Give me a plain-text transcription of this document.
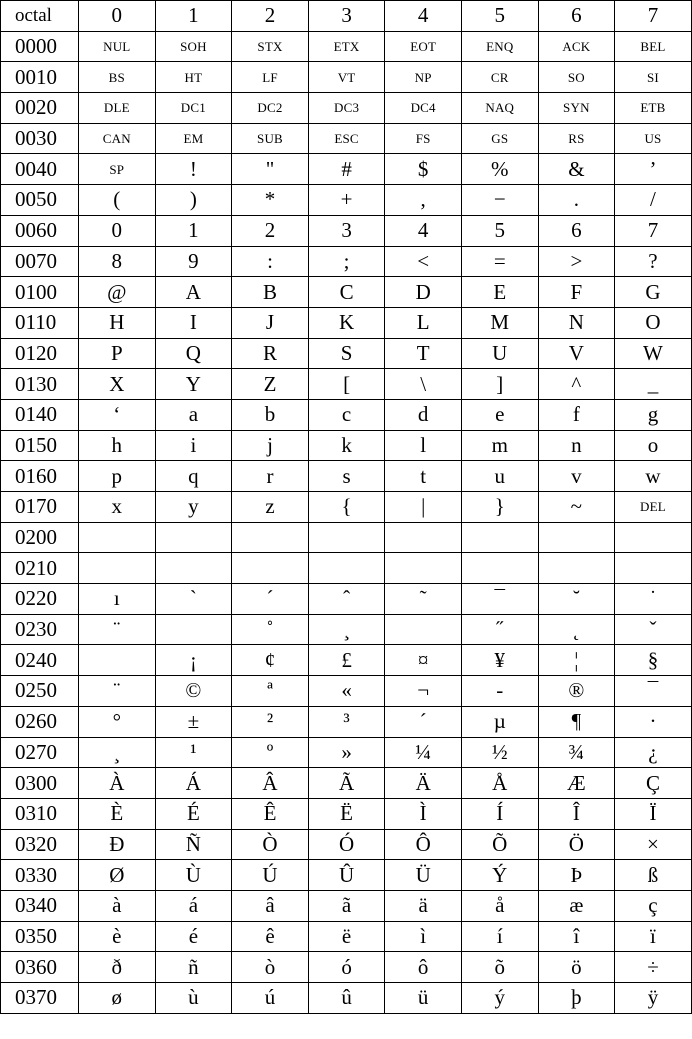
octal	0	1	2	3	4	5	6	7
0000	NUL	SOH	STX	ETX	EOT	ENQ	ACK	BEL
0010	BS	HT	LF	VT	NP	CR	SO	SI
0020	DLE	DC1	DC2	DC3	DC4	NAQ	SYN	ETB
0030	CAN	EM	SUB	ESC	FS	GS	RS	US
0040	SP	!	"	#	$	%	&	’
0050	(	)	*	+	,	−	.	/
0060	0	1	2	3	4	5	6	7
0070	8	9	:	;	<	=	>	?
0100	@	A	B	C	D	E	F	G
0110	H	I	J	K	L	M	N	O
0120	P	Q	R	S	T	U	V	W
0130	X	Y	Z	[	\	]	^	_
0140	‘	a	b	c	d	e	f	g
0150	h	i	j	k	l	m	n	o
0160	p	q	r	s	t	u	v	w
0170	x	y	z	{	|	}	~	DEL
0200								
0210								
0220	ı	`	´	ˆ	˜	¯	˘	˙
0230	¨		˚	¸		˝	˛	ˇ
0240		¡	¢	£	¤	¥	¦	§
0250	¨	©	ª	«	¬	-	®	¯
0260	°	±	²	³	´	µ	¶	·
0270	¸	¹	º	»	¼	½	¾	¿
0300	À	Á	Â	Ã	Ä	Å	Æ	Ç
0310	È	É	Ê	Ë	Ì	Í	Î	Ï
0320	Ð	Ñ	Ò	Ó	Ô	Õ	Ö	×
0330	Ø	Ù	Ú	Û	Ü	Ý	Þ	ß
0340	à	á	â	ã	ä	å	æ	ç
0350	è	é	ê	ë	ì	í	î	ï
0360	ð	ñ	ò	ó	ô	õ	ö	÷
0370	ø	ù	ú	û	ü	ý	þ	ÿ
